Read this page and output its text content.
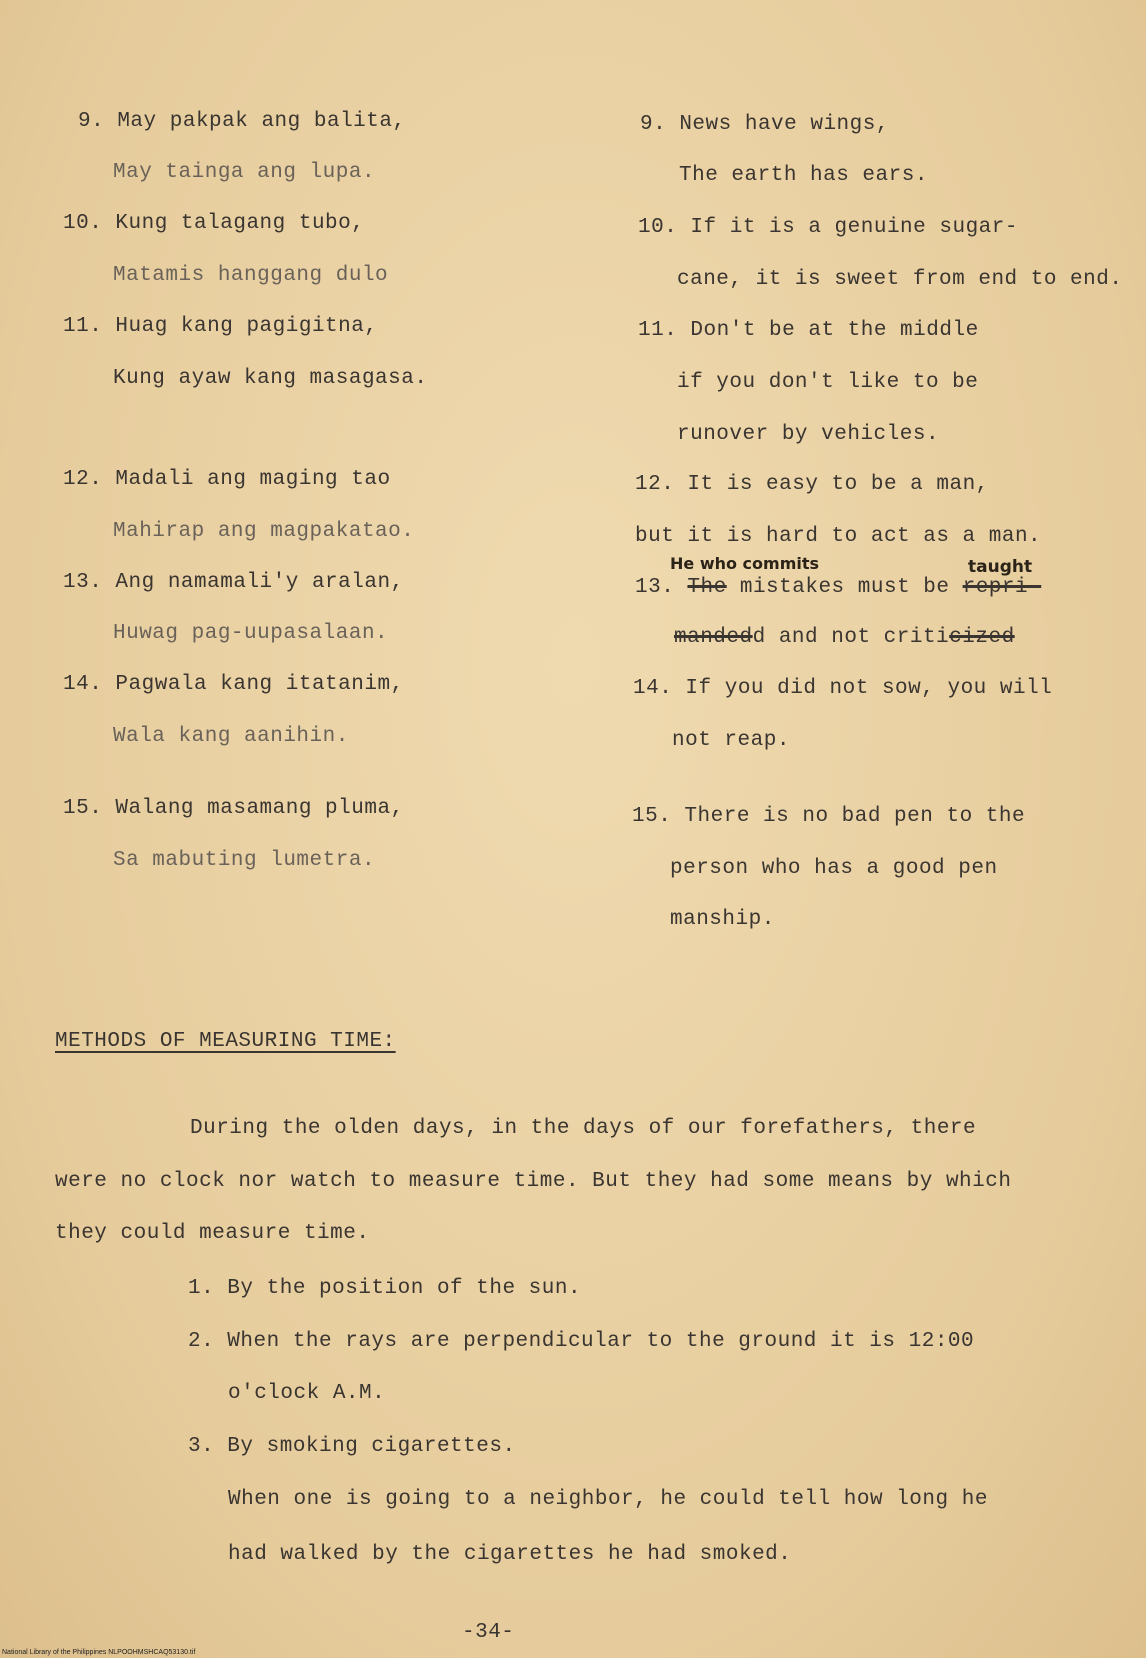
9. May pakpak ang balita,
May tainga ang lupa.
10. Kung talagang tubo,
Matamis hanggang dulo
11. Huag kang pagigitna,
Kung ayaw kang masagasa.
12. Madali ang maging tao
Mahirap ang magpakatao.
13. Ang namamali'y aralan,
Huwag pag-uupasalaan.
14. Pagwala kang itatanim,
Wala kang aanihin.
15. Walang masamang pluma,
Sa mabuting lumetra.
9. News have wings,
The earth has ears.
10. If it is a genuine sugar-
cane, it is sweet from end to end.
11. Don't be at the middle
if you don't like to be
runover by vehicles.
12. It is easy to be a man,
but it is hard to act as a man.
He who commits	taught
13. The mistakes must be repri-
mandedd and not criticized
14. If you did not sow, you will
not reap.
15. There is no bad pen to the
person who has a good pen
manship.
METHODS OF MEASURING TIME:
During the olden days, in the days of our forefathers, there
were no clock nor watch to measure time. But they had some means by which
they could measure time.
1. By the position of the sun.
2. When the rays are perpendicular to the ground it is 12:00
o'clock A.M.
3. By smoking cigarettes.
When one is going to a neighbor, he could tell how long he
had walked by the cigarettes he had smoked.
-34-
National Library of the Philippines NLPOOHMSHCAQ53130.tif
